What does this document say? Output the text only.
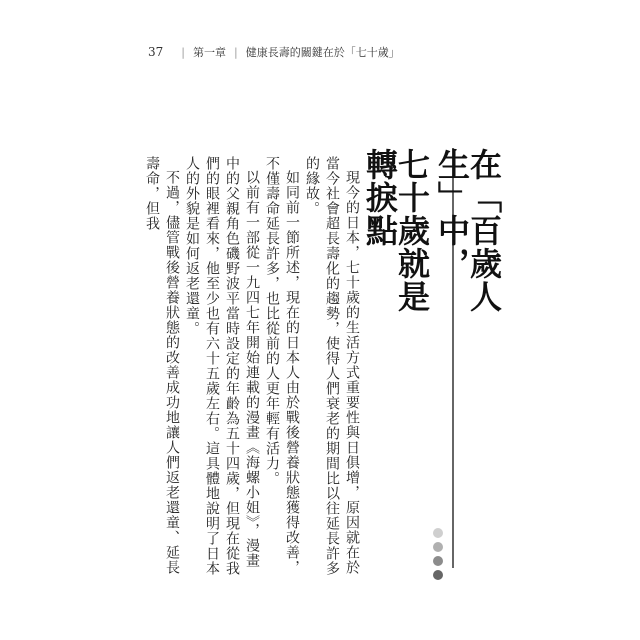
37 | 第一章 | 健康長壽的關鍵在於「七十歲」
在「百歲人生」中，
七十歲就是轉捩點

現今的日本，七十歲的生活方式重要性與日俱增，原因就在於當今社會超長壽化的趨勢，使得人們衰老的期間比以往延長許多的緣故。

如同前一節所述，現在的日本人由於戰後營養狀態獲得改善，不僅壽命延長許多，也比從前的人更年輕有活力。

以前有一部從一九四七年開始連載的漫畫《海螺小姐》，漫畫中的父親角色磯野波平當時設定的年齡為五十四歲，但現在從我們的眼裡看來，他至少也有六十五歲左右。這具體地說明了日本人的外貌是如何返老還童。

不過，儘管戰後營養狀態的改善成功地讓人們返老還童、延長壽命，但我
